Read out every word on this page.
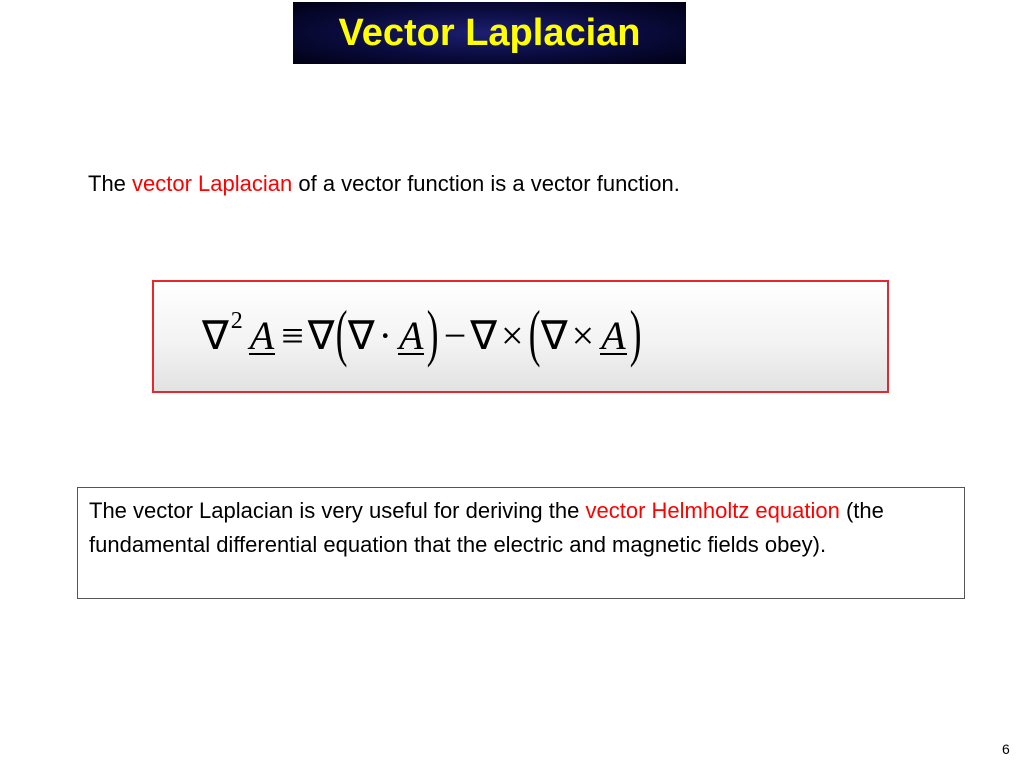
Vector Laplacian
The vector Laplacian of a vector function is a vector function.
∇ 2 A ≡ ∇ ( ∇ · A ) − ∇ × ( ∇ × A )
The vector Laplacian is very useful for deriving the vector Helmholtz equation (the fundamental differential equation that the electric and magnetic fields obey).
6
